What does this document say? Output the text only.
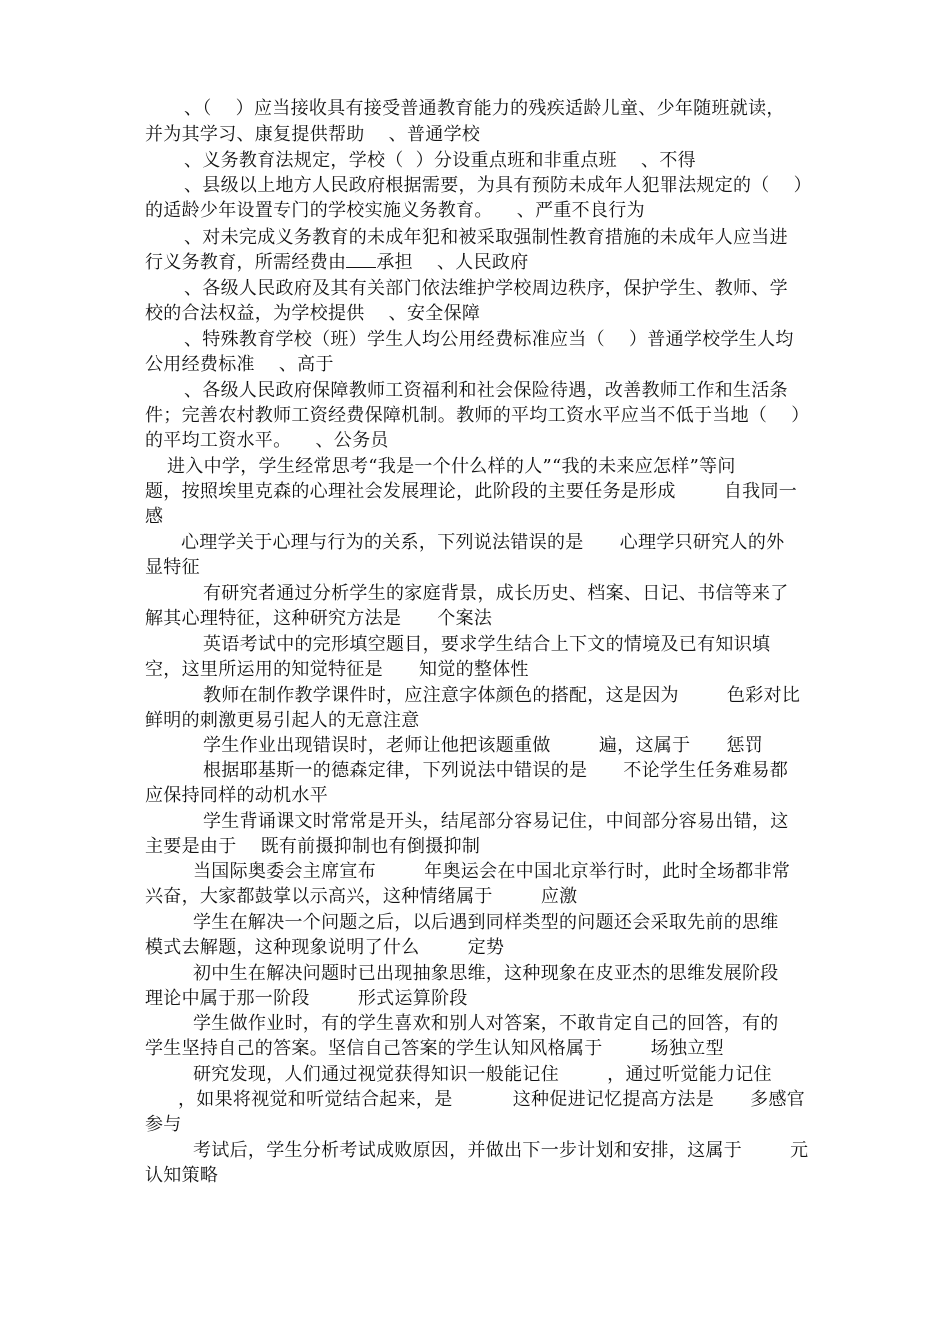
、（    ）应当接收具有接受普通教育能力的残疾适龄儿童、少年随班就读，
并为其学习、康复提供帮助    、普通学校
、义务教育法规定，学校（  ）分设重点班和非重点班    、不得
、县级以上地方人民政府根据需要，为具有预防未成年人犯罪法规定的（    ）
的适龄少年设置专门的学校实施义务教育。    、严重不良行为
、对未完成义务教育的未成年犯和被采取强制性教育措施的未成年人应当进
行义务教育，所需经费由 承担    、人民政府
、各级人民政府及其有关部门依法维护学校周边秩序，保护学生、教师、学
校的合法权益，为学校提供    、安全保障
、特殊教育学校（班）学生人均公用经费标准应当（    ）普通学校学生人均
公用经费标准    、高于
、各级人民政府保障教师工资福利和社会保险待遇，改善教师工作和生活条
件；完善农村教师工资经费保障机制。教师的平均工资水平应当不低于当地（    ）
的平均工资水平。    、公务员
进入中学，学生经常思考“我是一个什么样的人”“我的未来应怎样”等问
题，按照埃里克森的心理社会发展理论，此阶段的主要任务是形成        自我同一
感
心理学关于心理与行为的关系，下列说法错误的是      心理学只研究人的外
显特征
有研究者通过分析学生的家庭背景，成长历史、档案、日记、书信等来了
解其心理特征，这种研究方法是      个案法
英语考试中的完形填空题目，要求学生结合上下文的情境及已有知识填
空，这里所运用的知觉特征是      知觉的整体性
教师在制作教学课件时，应注意字体颜色的搭配，这是因为        色彩对比
鲜明的刺激更易引起人的无意注意
学生作业出现错误时，老师让他把该题重做        遍，这属于      惩罚
根据耶基斯一的德森定律，下列说法中错误的是      不论学生任务难易都
应保持同样的动机水平
学生背诵课文时常常是开头，结尾部分容易记住，中间部分容易出错，这
主要是由于    既有前摄抑制也有倒摄抑制
当国际奥委会主席宣布        年奥运会在中国北京举行时，此时全场都非常
兴奋，大家都鼓掌以示高兴，这种情绪属于        应激
学生在解决一个问题之后，以后遇到同样类型的问题还会采取先前的思维
模式去解题，这种现象说明了什么        定势
初中生在解决问题时已出现抽象思维，这种现象在皮亚杰的思维发展阶段
理论中属于那一阶段        形式运算阶段
学生做作业时，有的学生喜欢和别人对答案，不敢肯定自己的回答，有的
学生坚持自己的答案。坚信自己答案的学生认知风格属于        场独立型
研究发现，人们通过视觉获得知识一般能记住        ，通过听觉能力记住
，如果将视觉和听觉结合起来，是          这种促进记忆提高方法是      多感官
参与
考试后，学生分析考试成败原因，并做出下一步计划和安排，这属于        元
认知策略
